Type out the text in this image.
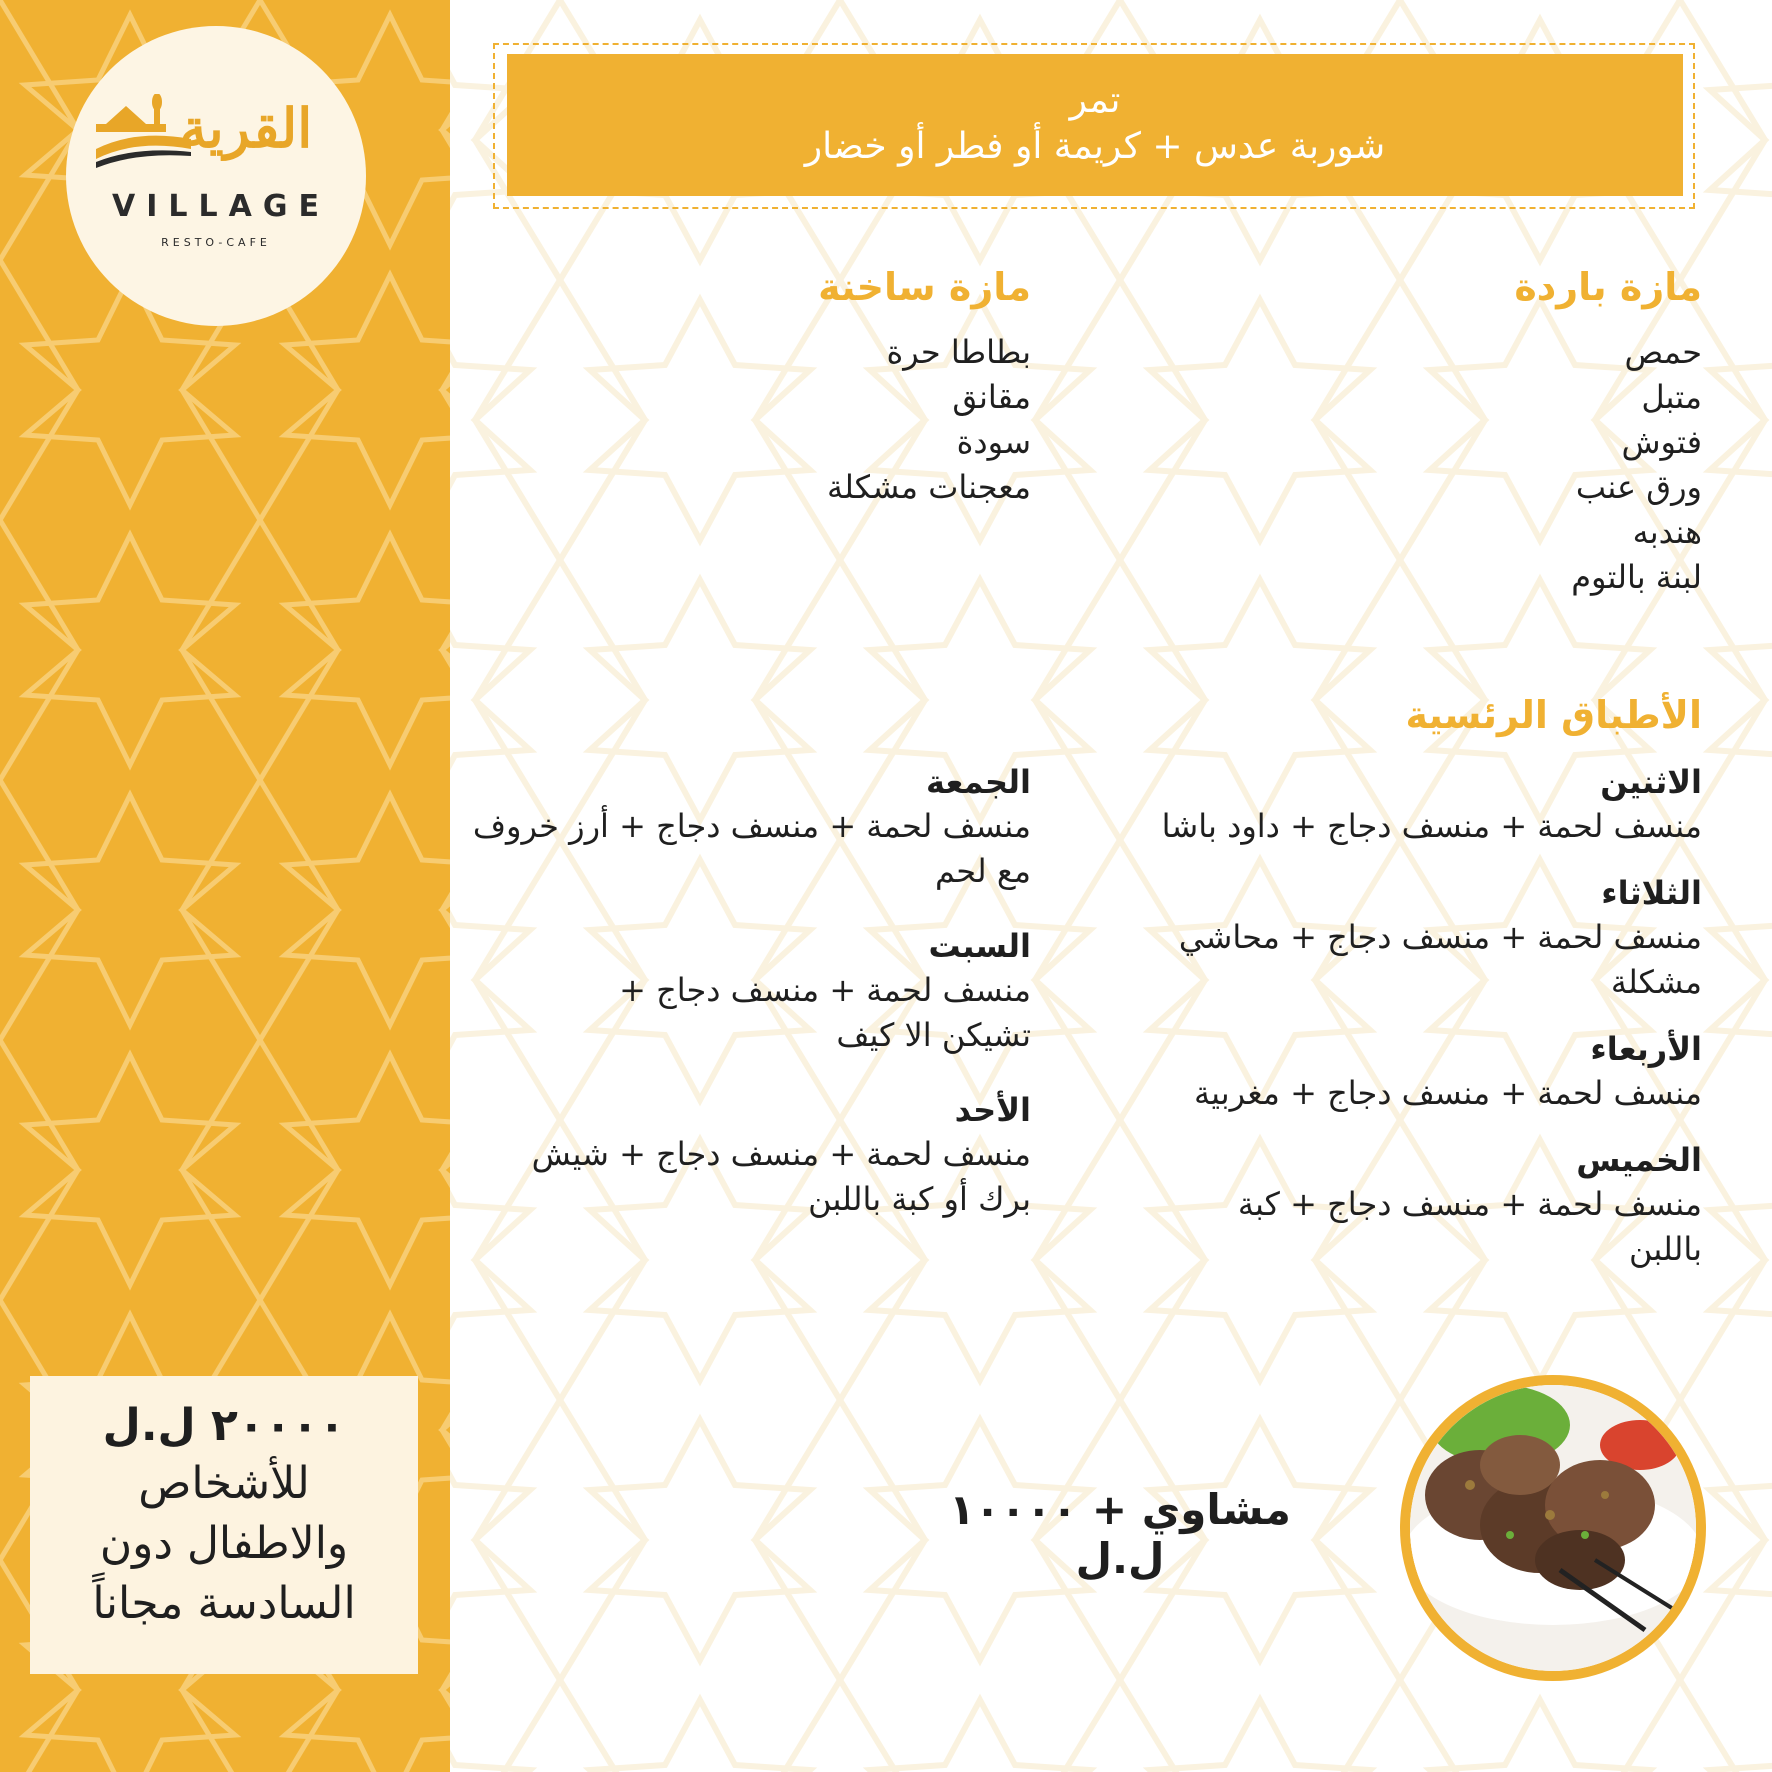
القرية
VILLAGE
RESTO-CAFE
٢٠٠٠٠ ل.ل
للأشخاص
والاطفال دون
السادسة مجاناً
تمر
شوربة عدس + كريمة أو فطر أو خضار
مازة باردة
حمص
متبل
فتوش
ورق عنب
هندبه
لبنة بالتوم
مازة ساخنة
بطاطا حرة
مقانق
سودة
معجنات مشكلة
الأطباق الرئسية
الاثنين
منسف لحمة + منسف دجاج + داود باشا
الثلاثاء
منسف لحمة + منسف دجاج + محاشي مشكلة
الأربعاء
منسف لحمة + منسف دجاج + مغربية
الخميس
منسف لحمة + منسف دجاج + كبة باللبن
الجمعة
منسف لحمة + منسف دجاج + أرز خروف مع لحم
السبت
منسف لحمة + منسف دجاج + تشيكن الا كيف
الأحد
منسف لحمة + منسف دجاج + شيش برك أو كبة باللبن
مشاوي + ١٠٠٠٠ ل.ل
